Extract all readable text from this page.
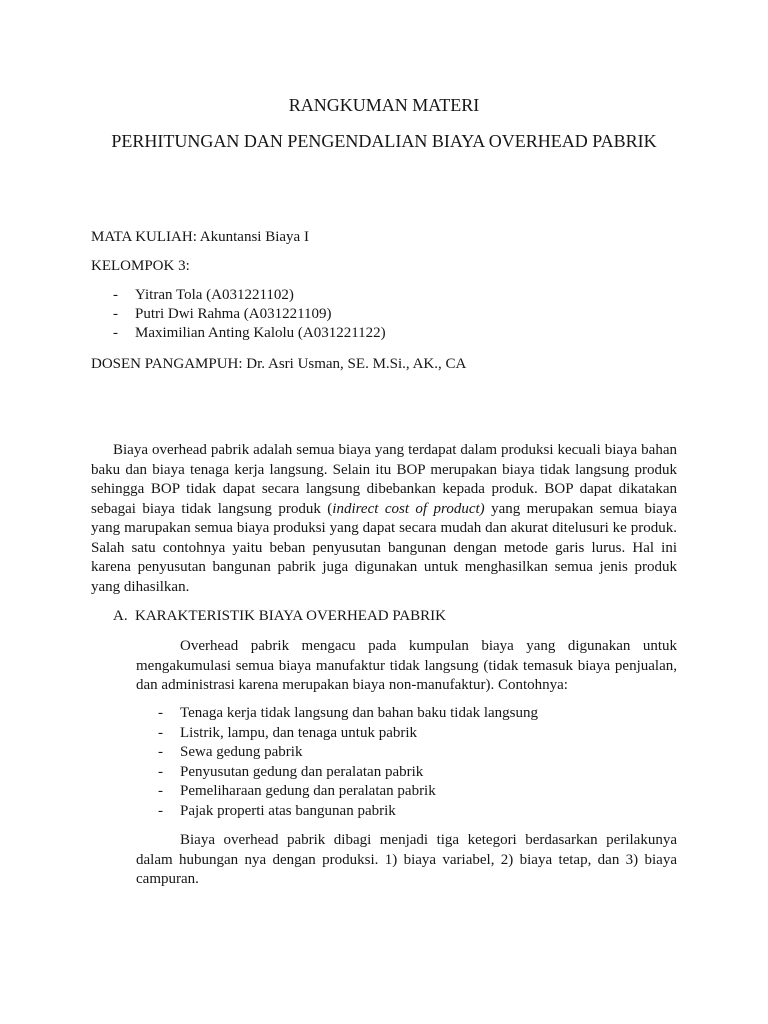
RANGKUMAN MATERI
PERHITUNGAN DAN PENGENDALIAN BIAYA OVERHEAD PABRIK

MATA KULIAH: Akuntansi Biaya I

KELOMPOK 3:

- Yitran Tola (A031221102)

- Putri Dwi Rahma (A031221109)

- Maximilian Anting Kalolu (A031221122)

DOSEN PANGAMPUH: Dr. Asri Usman, SE. M.Si., AK., CA

Biaya overhead pabrik adalah semua biaya yang terdapat dalam produksi kecuali biaya bahan baku dan biaya tenaga kerja langsung. Selain itu BOP merupakan biaya tidak langsung produk sehingga BOP tidak dapat secara langsung dibebankan kepada produk. BOP dapat dikatakan sebagai biaya tidak langsung produk (indirect cost of product) yang merupakan semua biaya yang marupakan semua biaya produksi yang dapat secara mudah dan akurat ditelusuri ke produk. Salah satu contohnya yaitu beban penyusutan bangunan dengan metode garis lurus. Hal ini karena penyusutan bangunan pabrik juga digunakan untuk menghasilkan semua jenis produk yang dihasilkan.

A. KARAKTERISTIK BIAYA OVERHEAD PABRIK

Overhead pabrik mengacu pada kumpulan biaya yang digunakan untuk mengakumulasi semua biaya manufaktur tidak langsung (tidak temasuk biaya penjualan, dan administrasi karena merupakan biaya non-manufaktur). Contohnya:

- Tenaga kerja tidak langsung dan bahan baku tidak langsung
- Listrik, lampu, dan tenaga untuk pabrik
- Sewa gedung pabrik
- Penyusutan gedung dan peralatan pabrik
- Pemeliharaan gedung dan peralatan pabrik
- Pajak properti atas bangunan pabrik

Biaya overhead pabrik dibagi menjadi tiga ketegori berdasarkan perilakunya dalam hubungan nya dengan produksi. 1) biaya variabel, 2) biaya tetap, dan 3) biaya campuran.
